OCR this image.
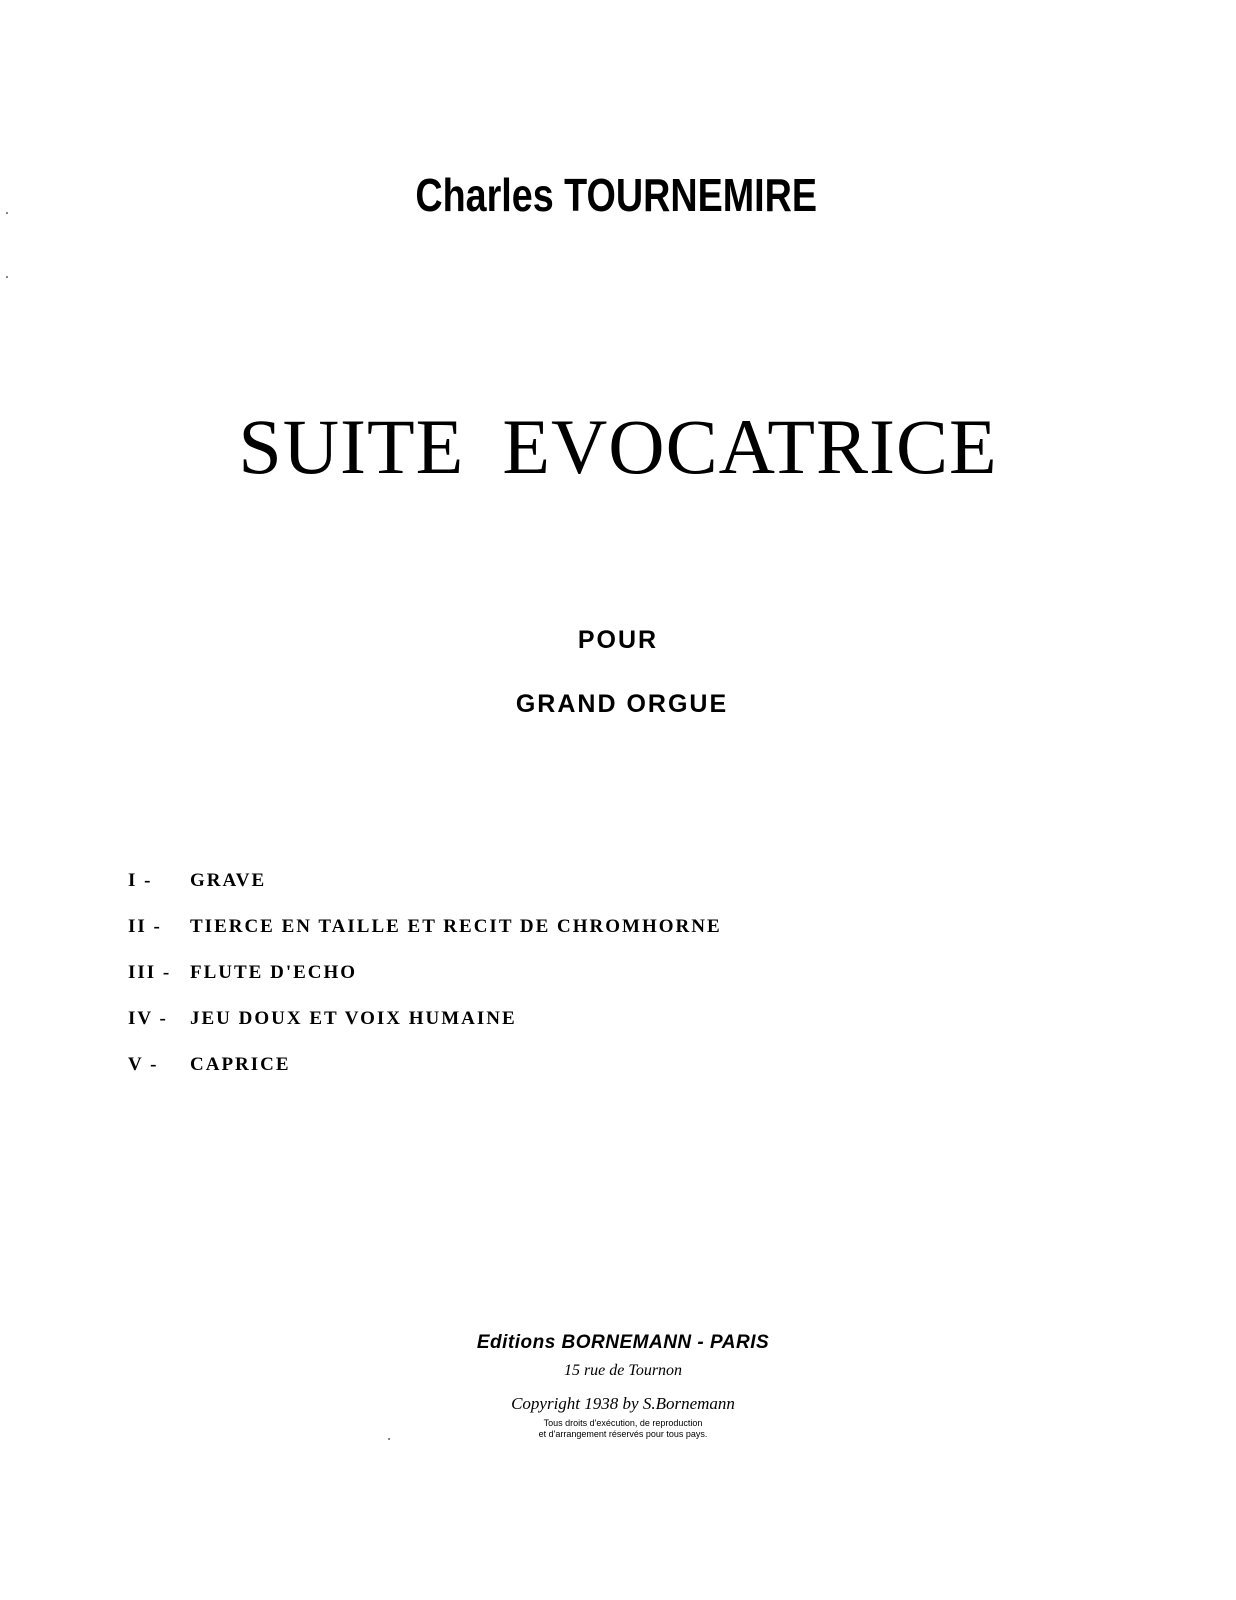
Charles TOURNEMIRE
SUITE EVOCATRICE
POUR
GRAND ORGUE
I -	GRAVE
II -	TIERCE EN TAILLE ET RECIT DE CHROMHORNE
III - FLUTE D'ECHO
IV -	JEU DOUX ET VOIX HUMAINE
V -	CAPRICE
Editions BORNEMANN - PARIS
15 rue de Tournon
Copyright 1938 by S.Bornemann
Tous droits d'exécution, de reproduction
et d'arrangement réservés pour tous pays.
